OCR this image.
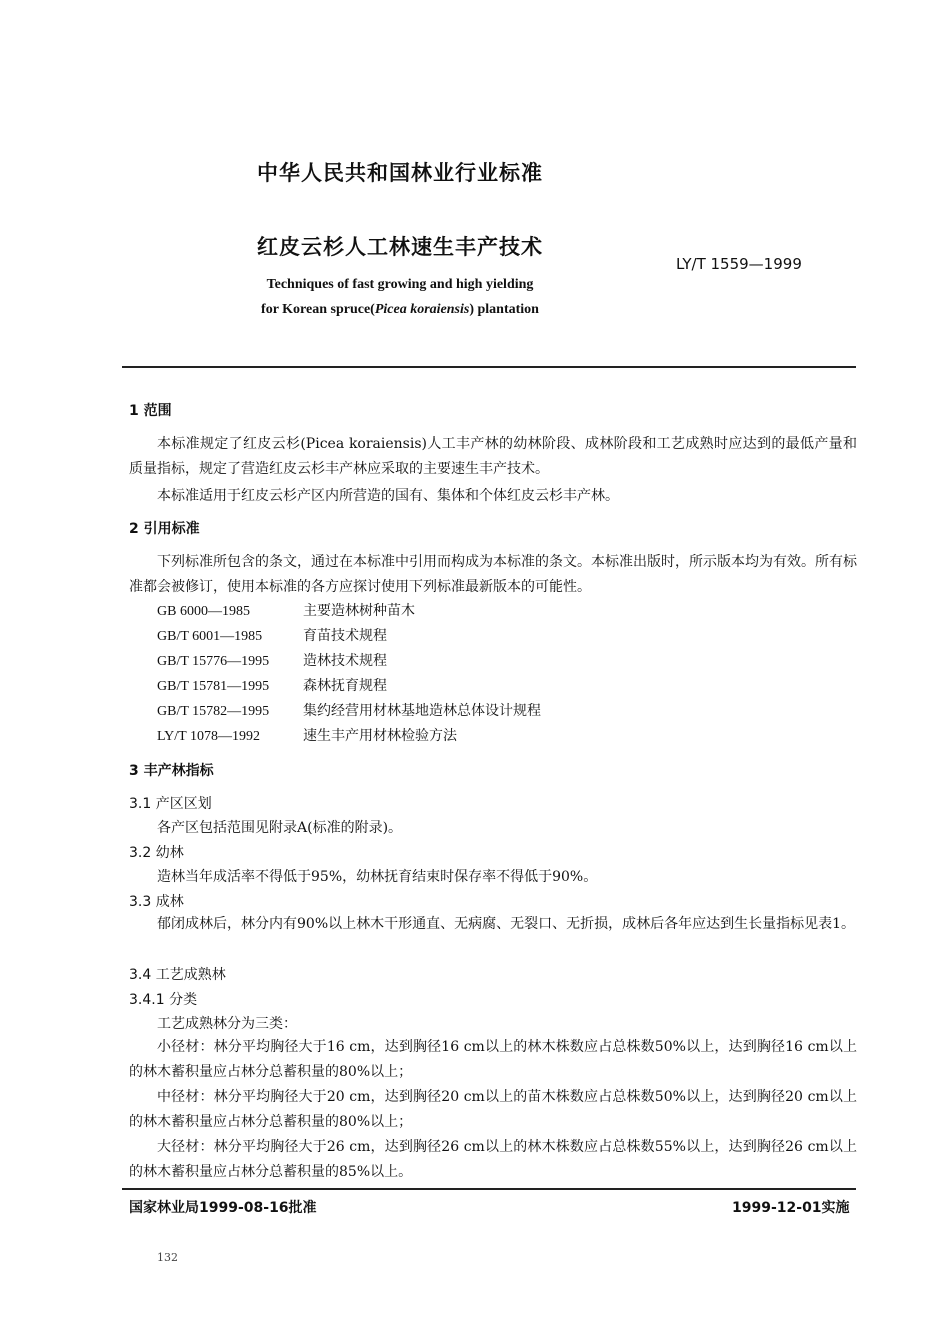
中华人民共和国林业行业标准
红皮云杉人工林速生丰产技术
LY/T 1559—1999
Techniques of fast growing and high yielding
for Korean spruce(Picea koraiensis) plantation
1 范围

本标准规定了红皮云杉(Picea koraiensis)人工丰产林的幼林阶段、成林阶段和工艺成熟时应达到的最低产量和质量指标，规定了营造红皮云杉丰产林应采取的主要速生丰产技术。

本标准适用于红皮云杉产区内所营造的国有、集体和个体红皮云杉丰产林。

2 引用标准

下列标准所包含的条文，通过在本标准中引用而构成为本标准的条文。本标准出版时，所示版本均为有效。所有标准都会被修订，使用本标准的各方应探讨使用下列标准最新版本的可能性。

GB 6000—1985	主要造林树种苗木
GB/T 6001—1985	育苗技术规程
GB/T 15776—1995 造林技术规程
GB/T 15781—1995 森林抚育规程
GB/T 15782—1995 集约经营用材林基地造林总体设计规程
LY/T 1078—1992	速生丰产用材林检验方法
3 丰产林指标
3.1 产区区划
各产区包括范围见附录A(标准的附录)。
3.2 幼林
造林当年成活率不得低于95%，幼林抚育结束时保存率不得低于90%。
3.3 成林

郁闭成林后，林分内有90%以上林木干形通直、无病腐、无裂口、无折损，成林后各年应达到生长量指标见表1。

3.4 工艺成熟林
3.4.1 分类
工艺成熟林分为三类：

小径材：林分平均胸径大于16 cm，达到胸径16 cm以上的林木株数应占总株数50%以上，达到胸径16 cm以上的林木蓄积量应占林分总蓄积量的80%以上；

中径材：林分平均胸径大于20 cm，达到胸径20 cm以上的苗木株数应占总株数50%以上，达到胸径20 cm以上的林木蓄积量应占林分总蓄积量的80%以上；

大径材：林分平均胸径大于26 cm，达到胸径26 cm以上的林木株数应占总株数55%以上，达到胸径26 cm以上的林木蓄积量应占林分总蓄积量的85%以上。

国家林业局1999-08-16批准	1999-12-01实施
132
